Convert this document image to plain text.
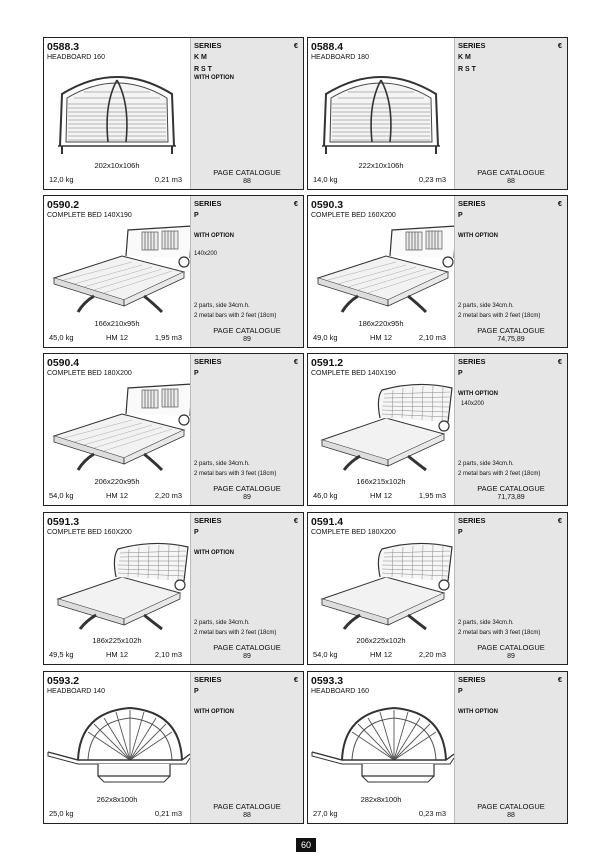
0588.3
HEADBOARD 160
202x10x106h
12,0 kg	0,21 m3
SERIES	€
K M
R S T
WITH OPTION
PAGE CATALOGUE
88
0588.4
HEADBOARD 180
222x10x106h
14,0 kg	0,23 m3
SERIES	€
K M
R S T
PAGE CATALOGUE
88
0590.2
COMPLETE BED 140X190
166x210x95h
45,0 kg	HM 12	1,95 m3
SERIES	€
P
WITH OPTION
140x200
2 parts, side 34cm.h.
2 metal bars with 2 feet (18cm)
PAGE CATALOGUE
89
0590.3
COMPLETE BED 160X200
186x220x95h
49,0 kg	HM 12	2,10 m3
SERIES	€
P
WITH OPTION
2 parts, side 34cm.h.
2 metal bars with 2 feet (18cm)
PAGE CATALOGUE
74,75,89
0590.4
COMPLETE BED 180X200
206x220x95h
54,0 kg	HM 12	2,20 m3
SERIES	€
P
2 parts, side 34cm.h.
2 metal bars with 3 feet (18cm)
PAGE CATALOGUE
89
0591.2
COMPLETE BED 140X190
166x215x102h
46,0 kg	HM 12	1,95 m3
SERIES	€
P
WITH OPTION
140x200
2 parts, side 34cm.h.
2 metal bars with 2 feet (18cm)
PAGE CATALOGUE
71,73,89
0591.3
COMPLETE BED 160X200
186x225x102h
49,5 kg	HM 12	2,10 m3
SERIES	€
P
WITH OPTION
2 parts, side 34cm.h.
2 metal bars with 2 feet (18cm)
PAGE CATALOGUE
89
0591.4
COMPLETE BED 180X200
206x225x102h
54,0 kg	HM 12	2,20 m3
SERIES	€
P
2 parts, side 34cm.h.
2 metal bars with 3 feet (18cm)
PAGE CATALOGUE
89
0593.2
HEADBOARD 140
262x8x100h
25,0 kg	0,21 m3
SERIES	€
P
WITH OPTION
PAGE CATALOGUE
88
0593.3
HEADBOARD 160
282x8x100h
27,0 kg	0,23 m3
SERIES	€
P
WITH OPTION
PAGE CATALOGUE
88
60
